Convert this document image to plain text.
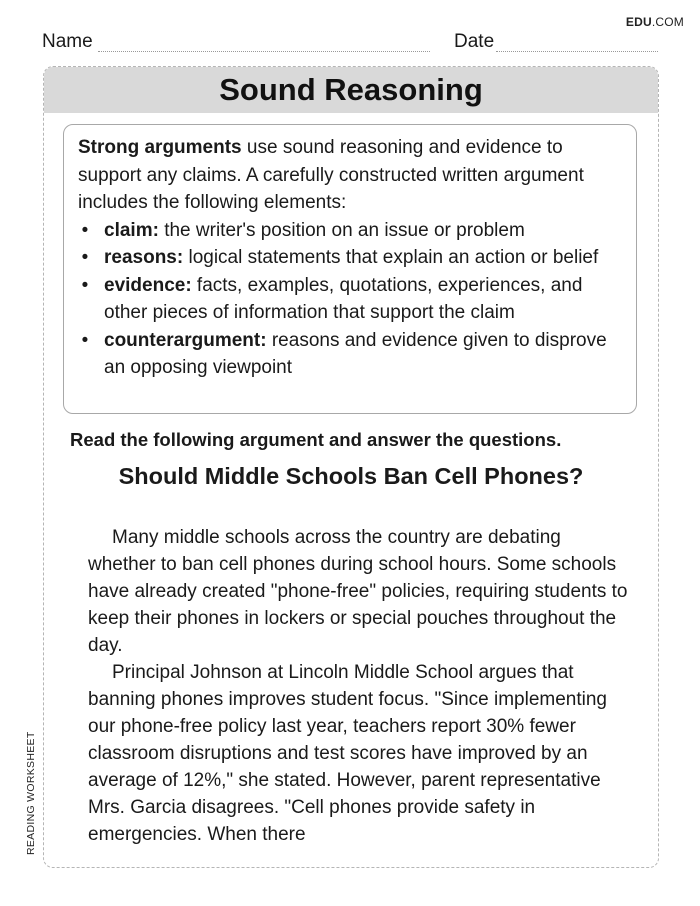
EDU.COM
Name	Date
Sound Reasoning

Strong arguments use sound reasoning and evidence to support any claims. A carefully constructed written argument includes the following elements:

• claim: the writer's position on an issue or problem
• reasons: logical statements that explain an action or belief
• evidence: facts, examples, quotations, experiences, and other pieces of information that support the claim
• counterargument: reasons and evidence given to disprove an opposing viewpoint
Read the following argument and answer the questions.
Should Middle Schools Ban Cell Phones?

Many middle schools across the country are debating whether to ban cell phones during school hours. Some schools have already created "phone-free" policies, requiring students to keep their phones in lockers or special pouches throughout the day.

Principal Johnson at Lincoln Middle School argues that banning phones improves student focus. "Since implementing our phone-free policy last year, teachers report 30% fewer classroom disruptions and test scores have improved by an average of 12%," she stated. However, parent representative Mrs. Garcia disagrees. "Cell phones provide safety in emergencies. When there

READING WORKSHEET
